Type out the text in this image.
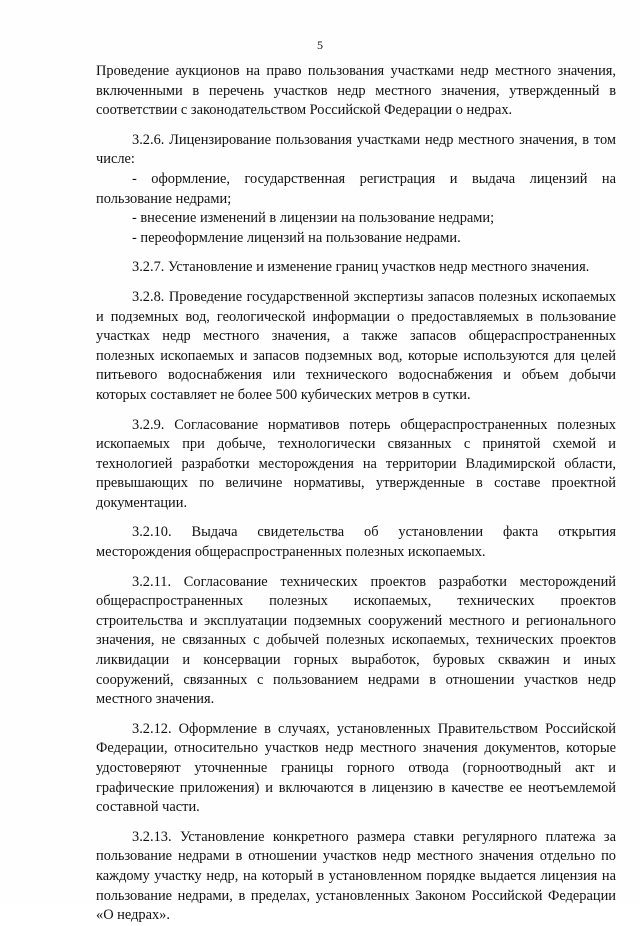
5

Проведение аукционов на право пользования участками недр местного значения, включенными в перечень участков недр местного значения, утвержденный в соответствии с законодательством Российской Федерации о недрах.

3.2.6. Лицензирование пользования участками недр местного значения, в том числе:

- оформление, государственная регистрация и выдача лицензий на пользование недрами;

- внесение изменений в лицензии на пользование недрами;

- переоформление лицензий на пользование недрами.

3.2.7. Установление и изменение границ участков недр местного значения.

3.2.8. Проведение государственной экспертизы запасов полезных ископаемых и подземных вод, геологической информации о предоставляемых в пользование участках недр местного значения, а также запасов общераспространенных полезных ископаемых и запасов подземных вод, которые используются для целей питьевого водоснабжения или технического водоснабжения и объем добычи которых составляет не более 500 кубических метров в сутки.

3.2.9. Согласование нормативов потерь общераспространенных полезных ископаемых при добыче, технологически связанных с принятой схемой и технологией разработки месторождения на территории Владимирской области, превышающих по величине нормативы, утвержденные в составе проектной документации.

3.2.10. Выдача свидетельства об установлении факта открытия месторождения общераспространенных полезных ископаемых.

3.2.11. Согласование технических проектов разработки месторождений общераспространенных полезных ископаемых, технических проектов строительства и эксплуатации подземных сооружений местного и регионального значения, не связанных с добычей полезных ископаемых, технических проектов ликвидации и консервации горных выработок, буровых скважин и иных сооружений, связанных с пользованием недрами в отношении участков недр местного значения.

3.2.12. Оформление в случаях, установленных Правительством Российской Федерации, относительно участков недр местного значения документов, которые удостоверяют уточненные границы горного отвода (горноотводный акт и графические приложения) и включаются в лицензию в качестве ее неотъемлемой составной части.

3.2.13. Установление конкретного размера ставки регулярного платежа за пользование недрами в отношении участков недр местного значения отдельно по каждому участку недр, на который в установленном порядке выдается лицензия на пользование недрами, в пределах, установленных Законом Российской Федерации «О недрах».
